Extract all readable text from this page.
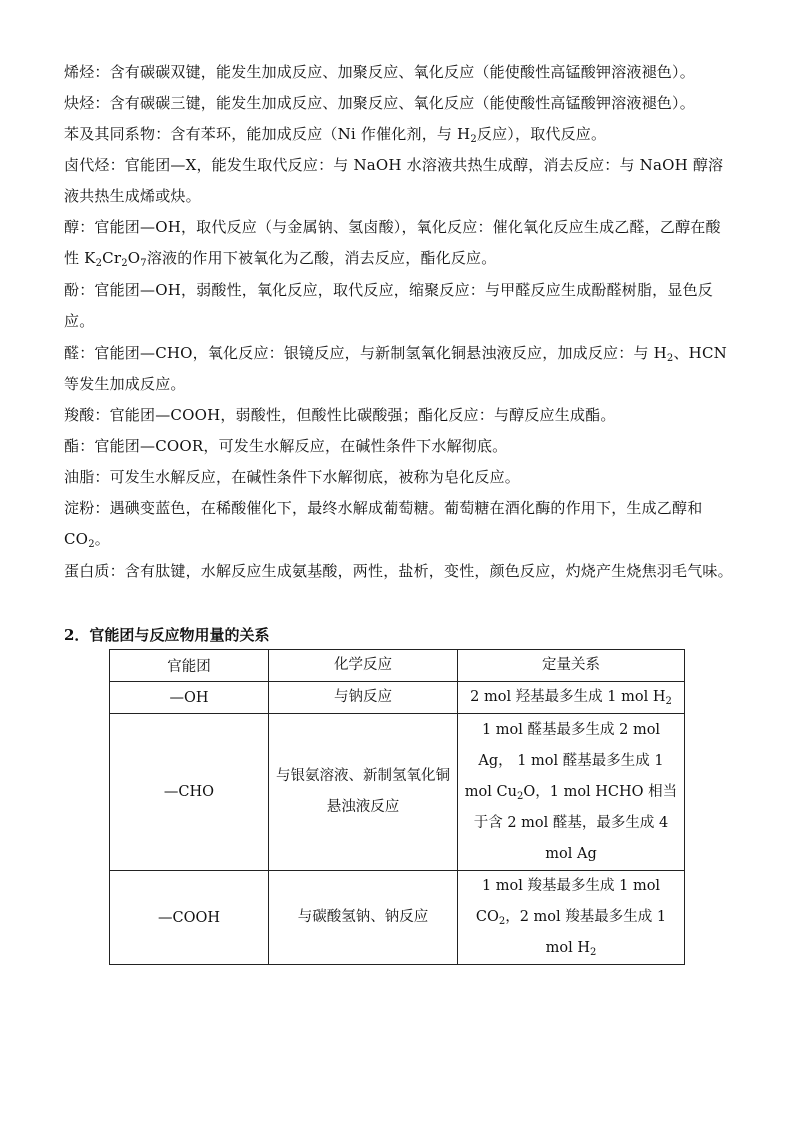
烯烃：含有碳碳双键，能发生加成反应、加聚反应、氧化反应（能使酸性高锰酸钾溶液褪色）。
炔烃：含有碳碳三键，能发生加成反应、加聚反应、氧化反应（能使酸性高锰酸钾溶液褪色）。
苯及其同系物：含有苯环，能加成反应（Ni 作催化剂，与 $H_2$反应），取代反应。
卤代烃：官能团—X，能发生取代反应：与 NaOH 水溶液共热生成醇，消去反应：与 NaOH 醇溶液共热生成烯或炔。
醇：官能团—OH，取代反应（与金属钠、氢卤酸），氧化反应：催化氧化反应生成乙醛，乙醇在酸性 $K_2Cr_2O_7$溶液的作用下被氧化为乙酸，消去反应，酯化反应。
酚：官能团—OH，弱酸性，氧化反应，取代反应，缩聚反应：与甲醛反应生成酚醛树脂，显色反应。
醛：官能团—CHO，氧化反应：银镜反应，与新制氢氧化铜悬浊液反应，加成反应：与 $H_2$、HCN 等发生加成反应。
羧酸：官能团—COOH，弱酸性，但酸性比碳酸强；酯化反应：与醇反应生成酯。
酯：官能团—COOR，可发生水解反应，在碱性条件下水解彻底。
油脂：可发生水解反应，在碱性条件下水解彻底，被称为皂化反应。
淀粉：遇碘变蓝色，在稀酸催化下，最终水解成葡萄糖。葡萄糖在酒化酶的作用下，生成乙醇和 $CO_2$。
蛋白质：含有肽键，水解反应生成氨基酸，两性，盐析，变性，颜色反应，灼烧产生烧焦羽毛气味。
2．官能团与反应物用量的关系
官能团	化学反应	定量关系
—OH	与钠反应	2 mol 羟基最多生成 1 mol $H_2$
—CHO	与银氨溶液、新制氢氧化铜悬浊液反应	1 mol 醛基最多生成 2 mol Ag， 1 mol 醛基最多生成 1 mol $Cu_2O$，1 mol HCHO 相当于含 2 mol 醛基，最多生成 4 mol Ag
—COOH	与碳酸氢钠、钠反应	1 mol 羧基最多生成 1 mol $CO_2$，2 mol 羧基最多生成 1 mol $H_2$
